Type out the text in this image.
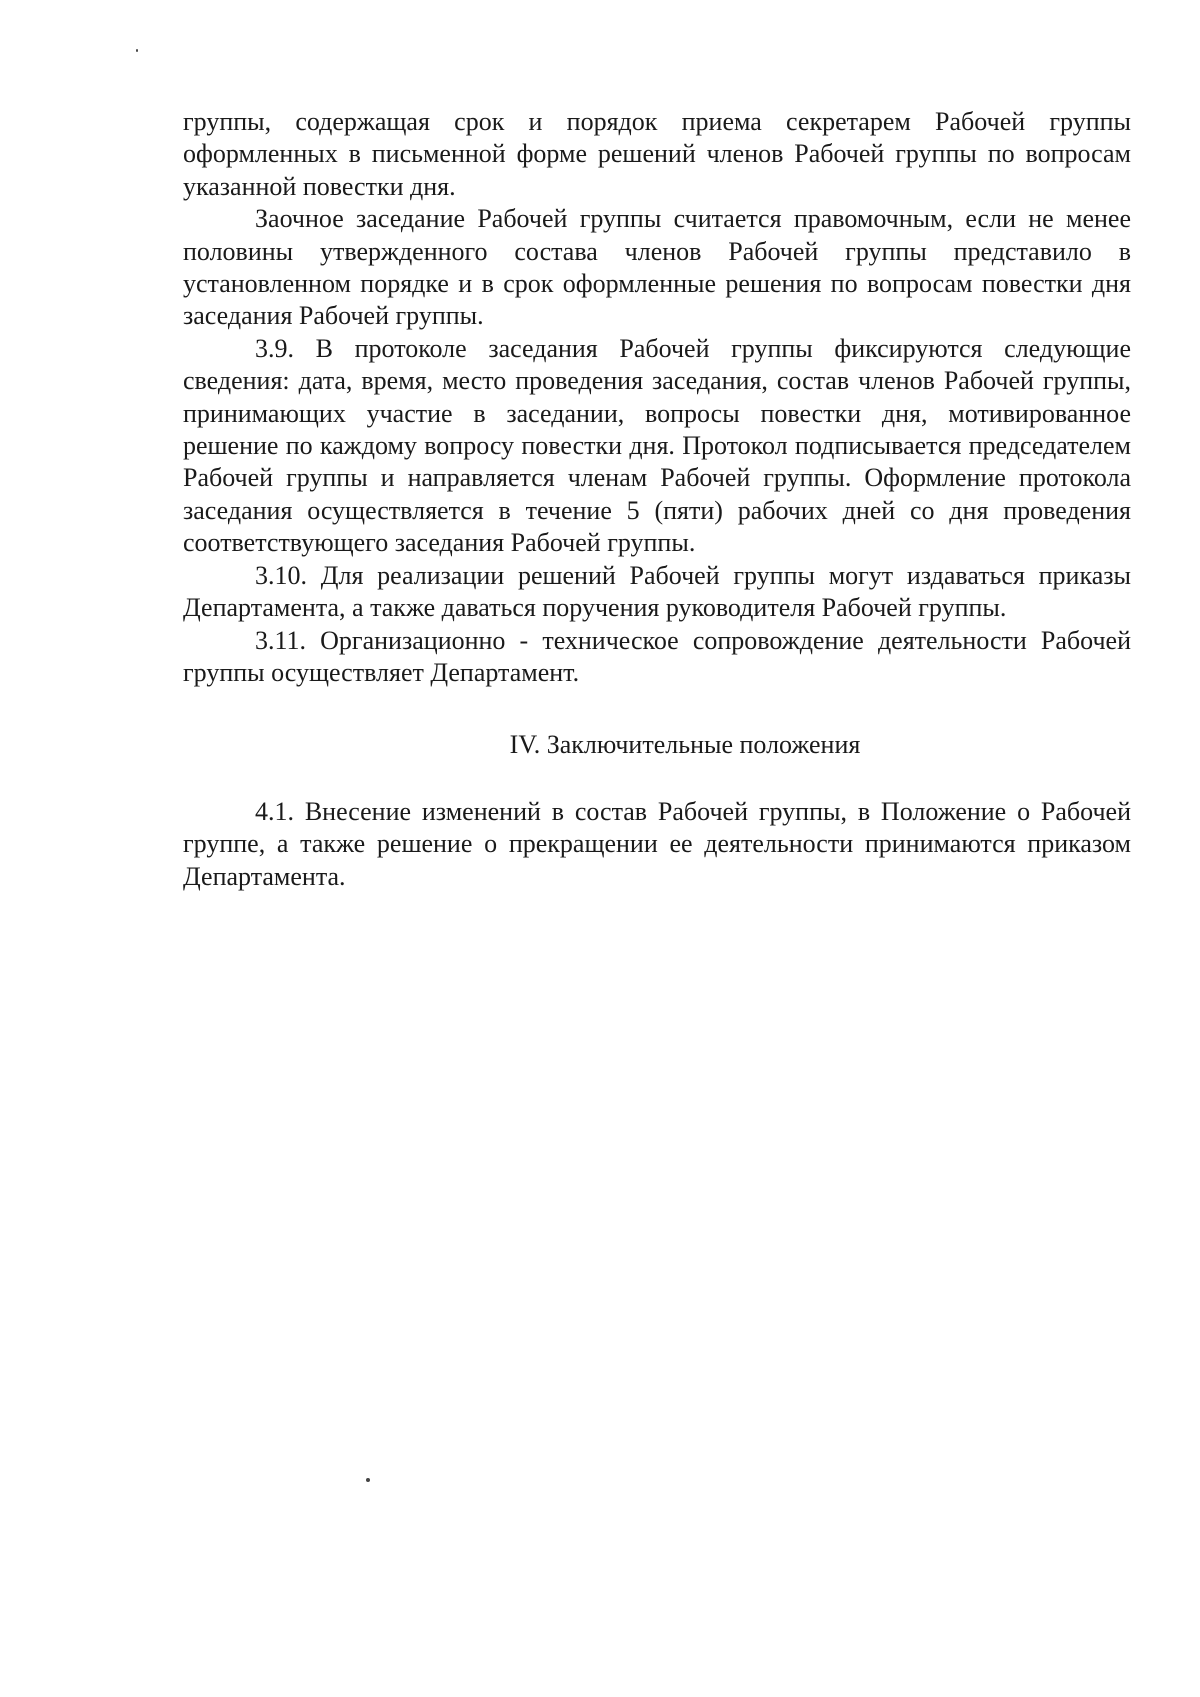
группы, содержащая срок и порядок приема секретарем Рабочей группы оформленных в письменной форме решений членов Рабочей группы по вопросам указанной повестки дня.

Заочное заседание Рабочей группы считается правомочным, если не менее половины утвержденного состава членов Рабочей группы представило в установленном порядке и в срок оформленные решения по вопросам повестки дня заседания Рабочей группы.

3.9. В протоколе заседания Рабочей группы фиксируются следующие сведения: дата, время, место проведения заседания, состав членов Рабочей группы, принимающих участие в заседании, вопросы повестки дня, мотивированное решение по каждому вопросу повестки дня. Протокол подписывается председателем Рабочей группы и направляется членам Рабочей группы. Оформление протокола заседания осуществляется в течение 5 (пяти) рабочих дней со дня проведения соответствующего заседания Рабочей группы.

3.10. Для реализации решений Рабочей группы могут издаваться приказы Департамента, а также даваться поручения руководителя Рабочей группы.

3.11. Организационно - техническое сопровождение деятельности Рабочей группы осуществляет Департамент.

IV. Заключительные положения

4.1. Внесение изменений в состав Рабочей группы, в Положение о Рабочей группе, а также решение о прекращении ее деятельности принимаются приказом Департамента.
